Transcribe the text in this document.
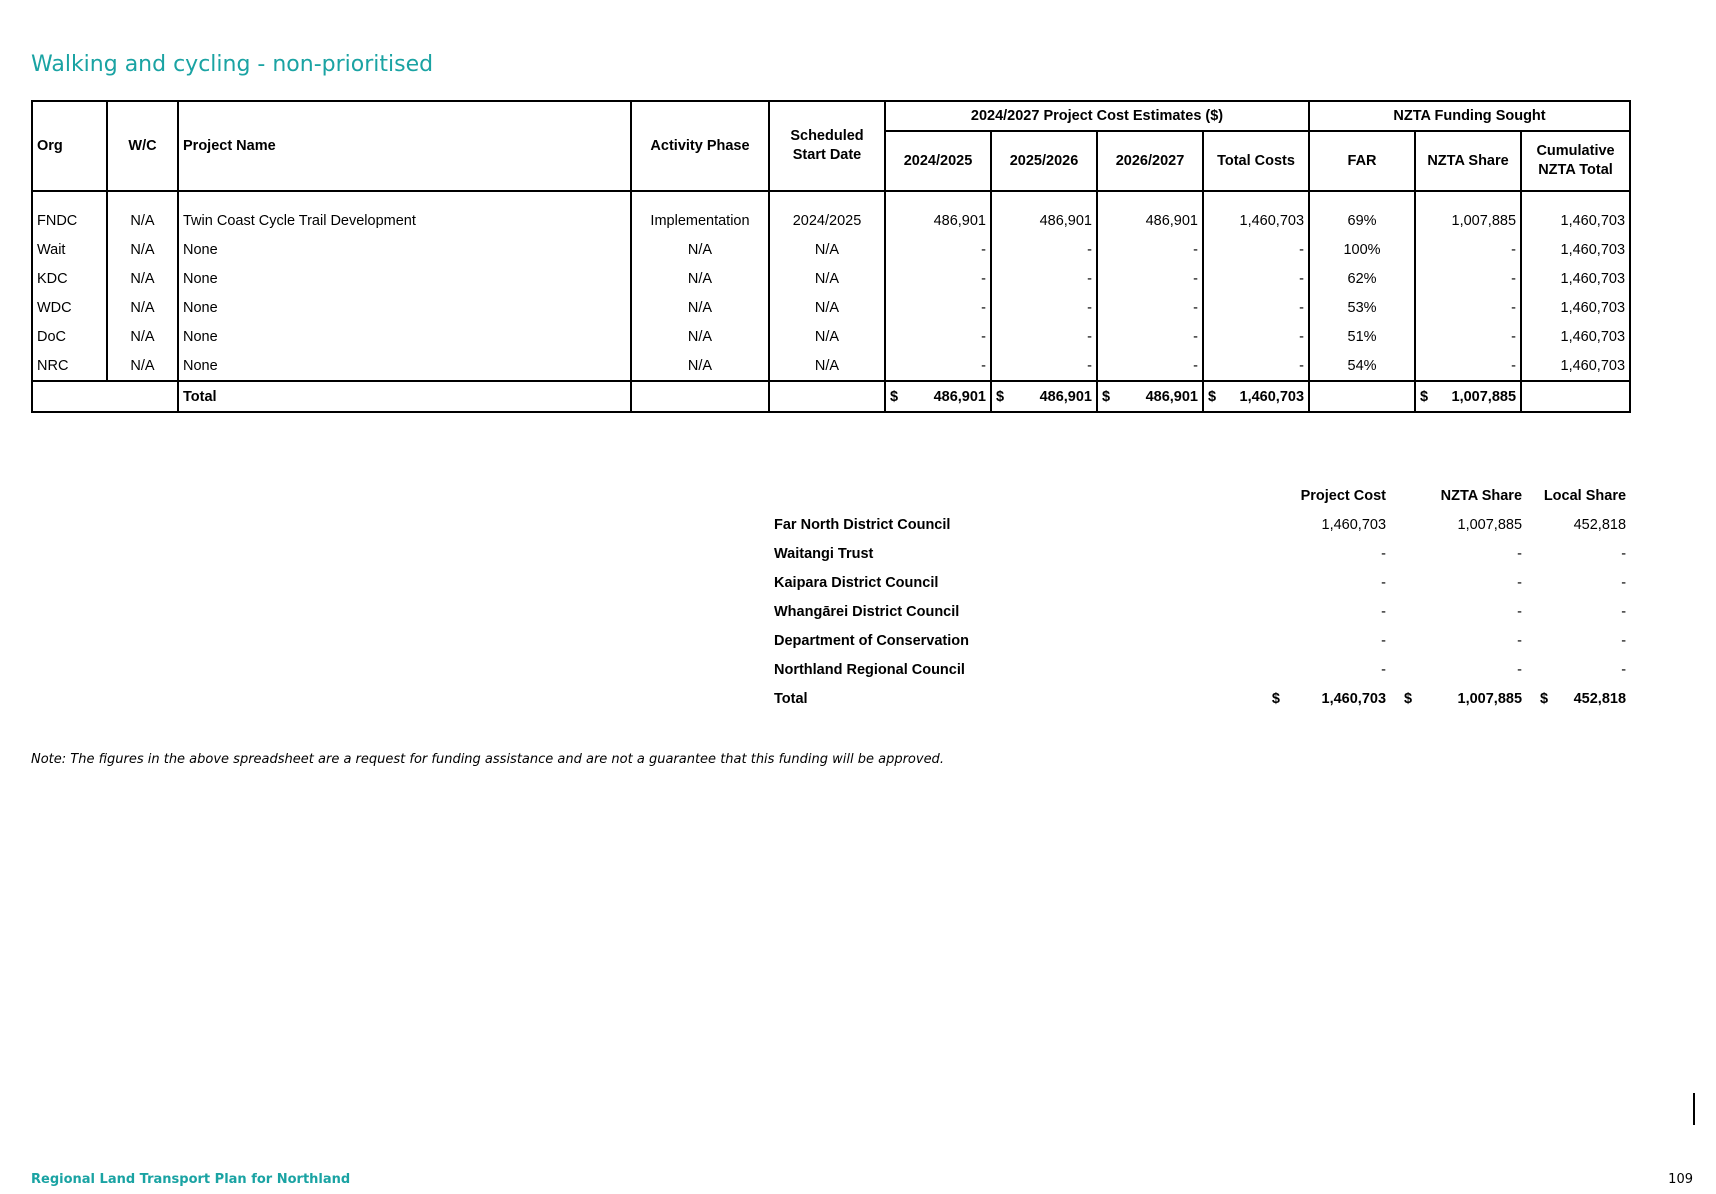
Walking and cycling - non-prioritised
Org	W/C	Project Name	Activity Phase	Scheduled Start Date	2024/2027 Project Cost Estimates ($)				NZTA Funding Sought		
					2024/2025	2025/2026	2026/2027	Total Costs	FAR	NZTA Share	Cumulative NZTA Total

FNDC	N/A	Twin Coast Cycle Trail Development	Implementation	2024/2025	486,901	486,901	486,901	1,460,703	69%	1,007,885	1,460,703
Wait	N/A	None	N/A	N/A	-	-	-	-	100%	-	1,460,703
KDC	N/A	None	N/A	N/A	-	-	-	-	62%	-	1,460,703
WDC	N/A	None	N/A	N/A	-	-	-	-	53%	-	1,460,703
DoC	N/A	None	N/A	N/A	-	-	-	-	51%	-	1,460,703
NRC	N/A	None	N/A	N/A	-	-	-	-	54%	-	1,460,703
		Total			$ 486,901	$ 486,901	$ 486,901	$ 1,460,703		$ 1,007,885	

	Project Cost		NZTA Share		Local Share	
Far North District Council	1,460,703		1,007,885		452,818	
Waitangi Trust	-		-		-	
Kaipara District Council	-		-		-	
Whangārei District Council	-		-		-	
Department of Conservation	-		-		-	
Northland Regional Council	-		-		-	
Total	$	1,460,703	$	1,007,885	$	452,818
Note: The figures in the above spreadsheet are a request for funding assistance and are not a guarantee that this funding will be approved.
Regional Land Transport Plan for Northland	109
